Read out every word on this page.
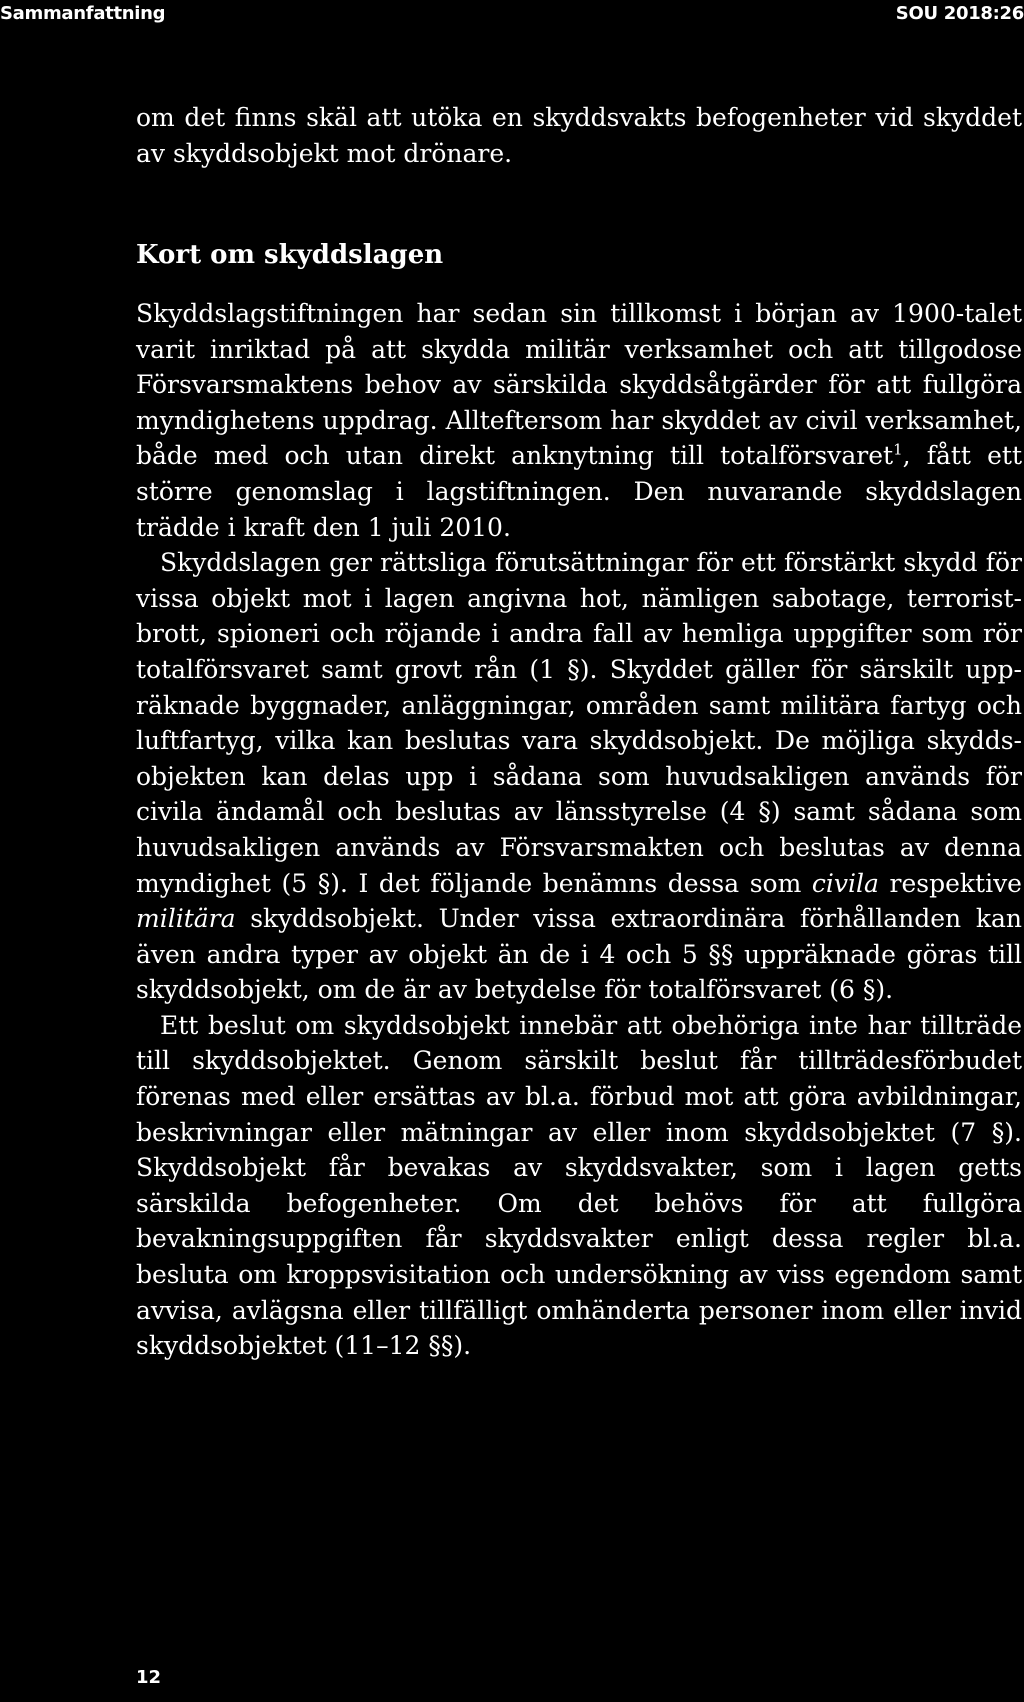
Sammanfattning	SOU 2018:26
om det finns skäl att utöka en skyddsvakts befogenheter vid skyddet av skyddsobjekt mot drönare.
Kort om skyddslagen

Skyddslagstiftningen har sedan sin tillkomst i början av 1900-talet varit inriktad på att skydda militär verksamhet och att tillgodose Försvarsmaktens behov av särskilda skyddsåtgärder för att fullgöra myndighetens uppdrag. Allteftersom har skyddet av civil verksamhet, både med och utan direkt anknytning till totalförsvaret$^1$, fått ett större genomslag i lagstiftningen. Den nuvarande skyddslagen trädde i kraft den 1 juli 2010.

Skyddslagen ger rättsliga förutsättningar för ett förstärkt skydd för vissa objekt mot i lagen angivna hot, nämligen sabotage, terroristbrott, spioneri och röjande i andra fall av hemliga uppgifter som rör totalförsvaret samt grovt rån (1 §). Skyddet gäller för särskilt uppräknade byggnader, anläggningar, områden samt militära fartyg och luftfartyg, vilka kan beslutas vara skyddsobjekt. De möjliga skyddsobjekten kan delas upp i sådana som huvudsakligen används för civila ändamål och beslutas av länsstyrelse (4 §) samt sådana som huvudsakligen används av Försvarsmakten och beslutas av denna myndighet (5 §). I det följande benämns dessa som civila respektive militära skyddsobjekt. Under vissa extraordinära förhållanden kan även andra typer av objekt än de i 4 och 5 §§ uppräknade göras till skyddsobjekt, om de är av betydelse för totalförsvaret (6 §).

Ett beslut om skyddsobjekt innebär att obehöriga inte har tillträde till skyddsobjektet. Genom särskilt beslut får tillträdesförbudet förenas med eller ersättas av bl.a. förbud mot att göra avbildningar, beskrivningar eller mätningar av eller inom skyddsobjektet (7 §). Skyddsobjekt får bevakas av skyddsvakter, som i lagen getts särskilda befogenheter. Om det behövs för att fullgöra bevakningsuppgiften får skyddsvakter enligt dessa regler bl.a. besluta om kroppsvisitation och undersökning av viss egendom samt avvisa, avlägsna eller tillfälligt omhänderta personer inom eller invid skyddsobjektet (11–12 §§).

12
